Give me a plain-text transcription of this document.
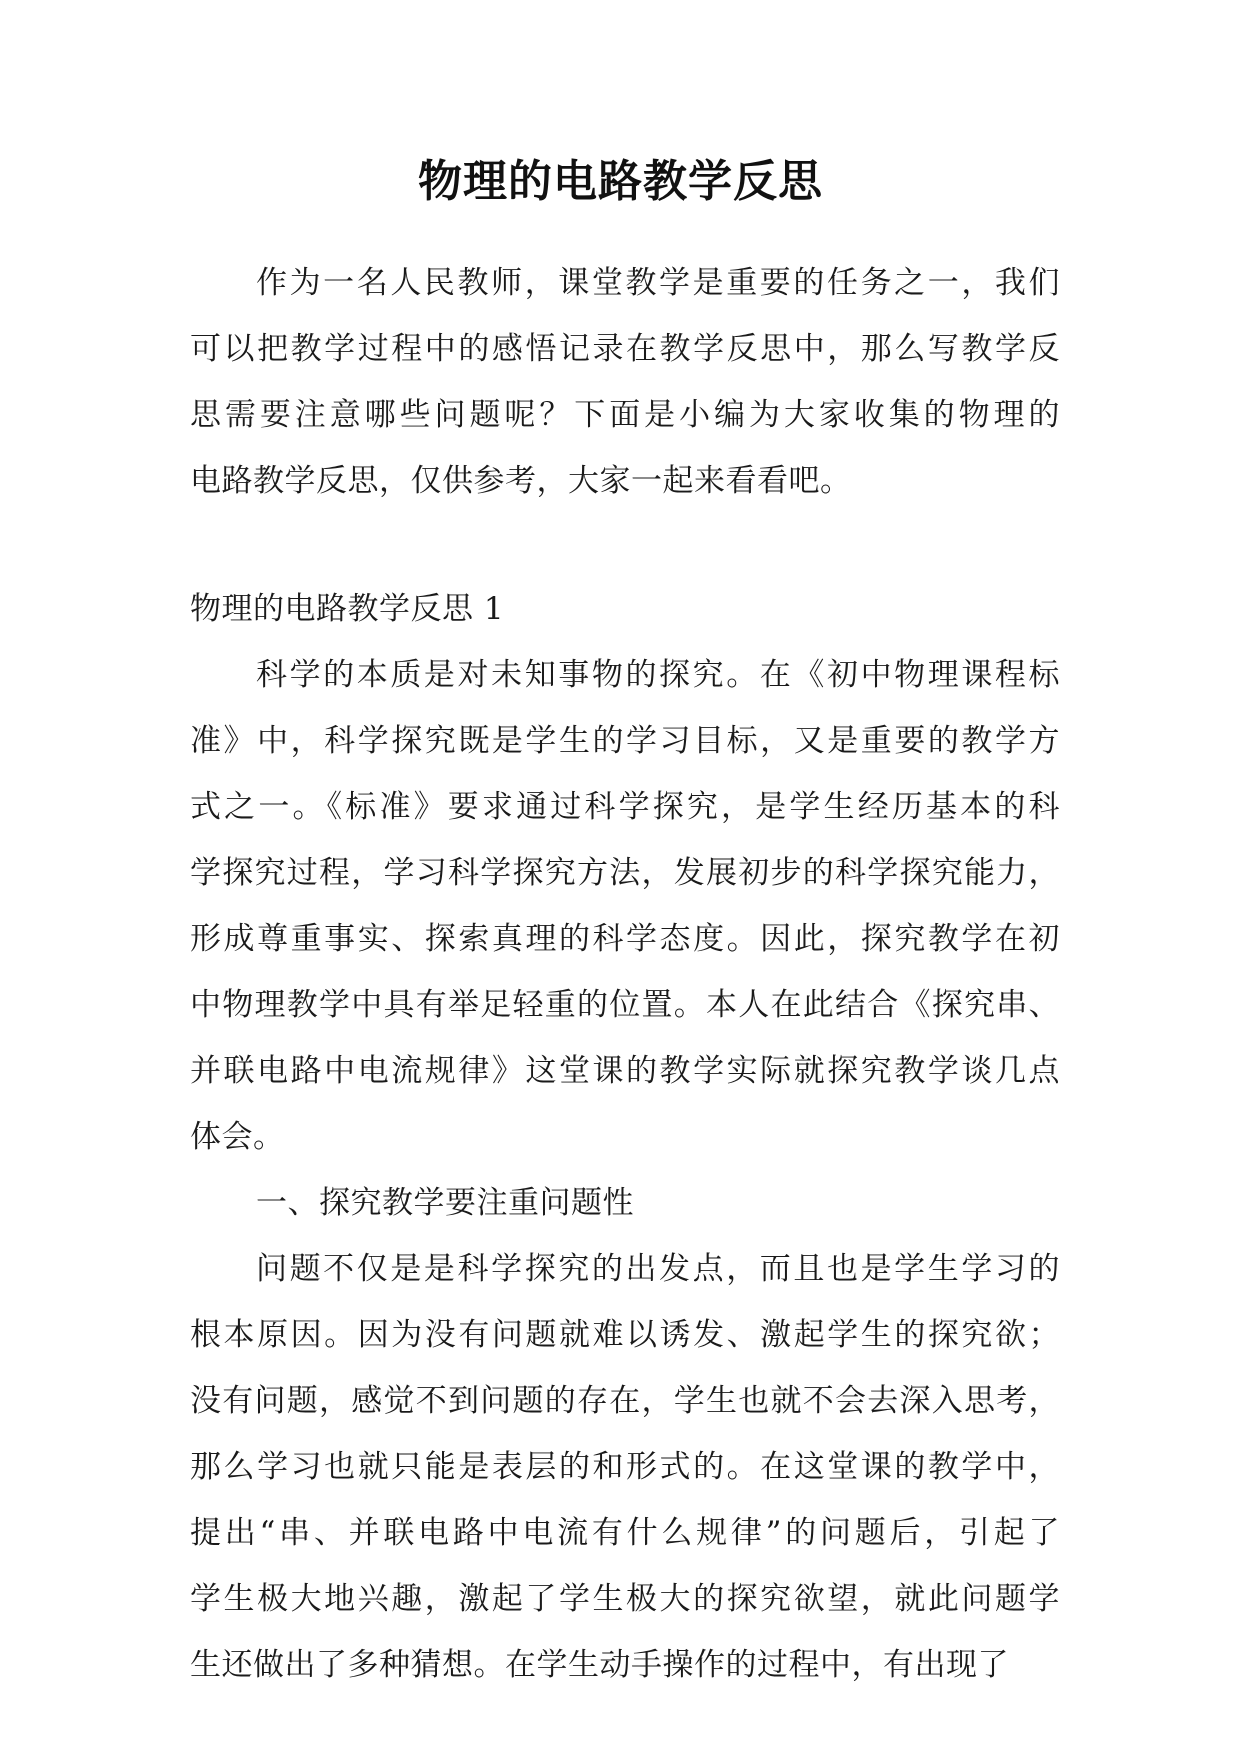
物理的电路教学反思
作为一名人民教师，课堂教学是重要的任务之一，我们
可以把教学过程中的感悟记录在教学反思中，那么写教学反
思需要注意哪些问题呢？下面是小编为大家收集的物理的
电路教学反思，仅供参考，大家一起来看看吧。
物理的电路教学反思 1
科学的本质是对未知事物的探究。在《初中物理课程标
准》中，科学探究既是学生的学习目标，又是重要的教学方
式之一。《标准》要求通过科学探究，是学生经历基本的科
学探究过程，学习科学探究方法，发展初步的科学探究能力，
形成尊重事实、探索真理的科学态度。因此，探究教学在初
中物理教学中具有举足轻重的位置。本人在此结合《探究串、
并联电路中电流规律》这堂课的教学实际就探究教学谈几点
体会。
一、探究教学要注重问题性
问题不仅是是科学探究的出发点，而且也是学生学习的
根本原因。因为没有问题就难以诱发、激起学生的探究欲；
没有问题，感觉不到问题的存在，学生也就不会去深入思考，
那么学习也就只能是表层的和形式的。在这堂课的教学中，
提出“串、并联电路中电流有什么规律”的问题后，引起了
学生极大地兴趣，激起了学生极大的探究欲望，就此问题学
生还做出了多种猜想。在学生动手操作的过程中，有出现了
